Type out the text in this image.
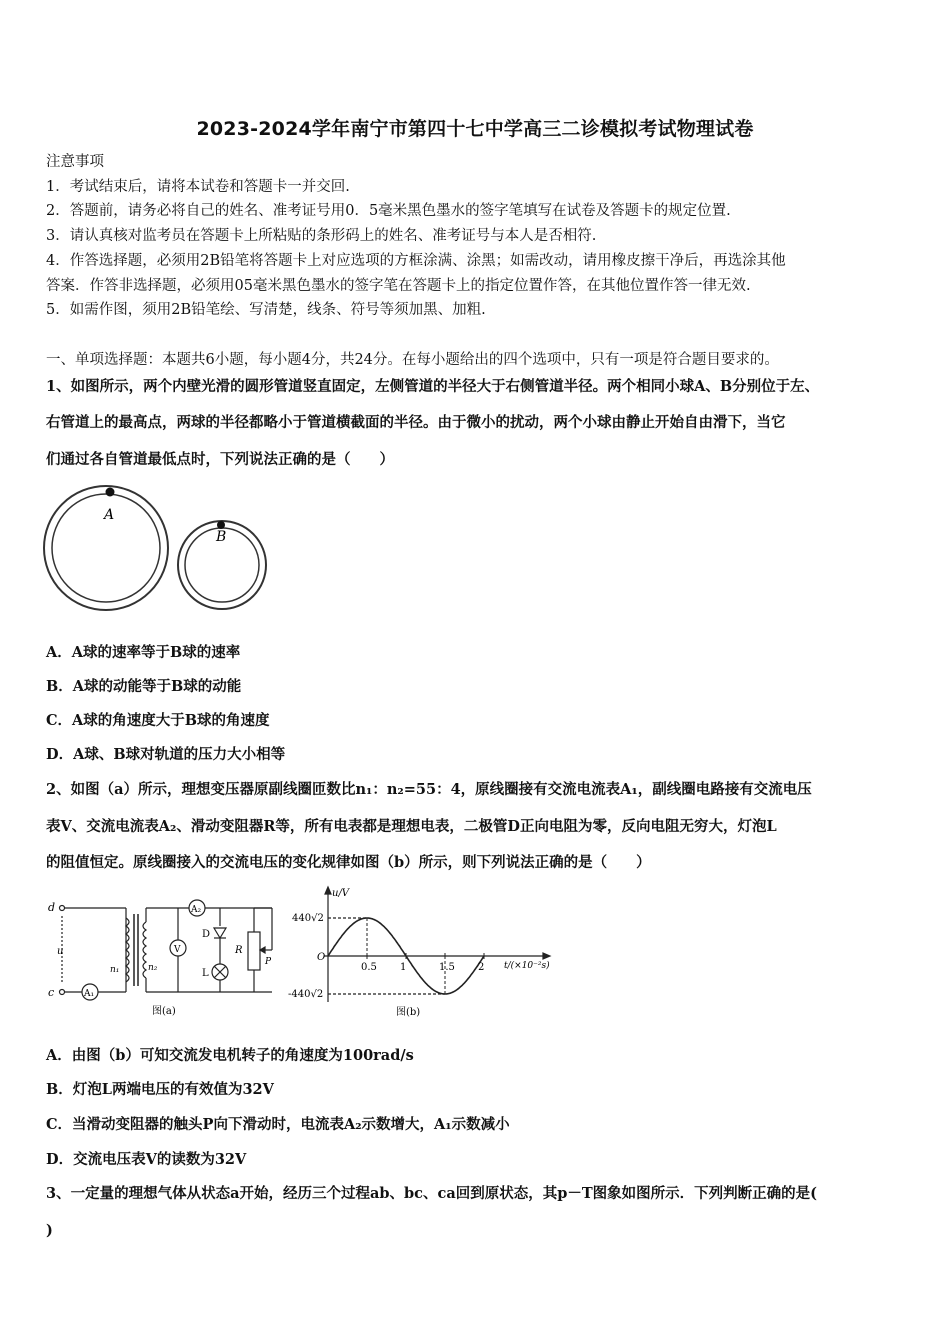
2023-2024学年南宁市第四十七中学高三二诊模拟考试物理试卷
注意事项
1．考试结束后，请将本试卷和答题卡一并交回.
2．答题前，请务必将自己的姓名、准考证号用0．5毫米黑色墨水的签字笔填写在试卷及答题卡的规定位置.
3．请认真核对监考员在答题卡上所粘贴的条形码上的姓名、准考证号与本人是否相符.
4．作答选择题，必须用2B铅笔将答题卡上对应选项的方框涂满、涂黑；如需改动，请用橡皮擦干净后，再选涂其他
答案．作答非选择题，必须用05毫米黑色墨水的签字笔在答题卡上的指定位置作答，在其他位置作答一律无效.
5．如需作图，须用2B铅笔绘、写清楚，线条、符号等须加黑、加粗.
一、单项选择题：本题共6小题，每小题4分，共24分。在每小题给出的四个选项中，只有一项是符合题目要求的。
1、如图所示，两个内壁光滑的圆形管道竖直固定，左侧管道的半径大于右侧管道半径。两个相同小球A、B分别位于左、
右管道上的最高点，两球的半径都略小于管道横截面的半径。由于微小的扰动，两个小球由静止开始自由滑下，当它
们通过各自管道最低点时，下列说法正确的是（　　）
A
B
A．A球的速率等于B球的速率
B．A球的动能等于B球的动能
C．A球的角速度大于B球的角速度
D．A球、B球对轨道的压力大小相等
2、如图（a）所示，理想变压器原副线圈匝数比n₁：n₂=55：4，原线圈接有交流电流表A₁，副线圈电路接有交流电压
表V、交流电流表A₂、滑动变阻器R等，所有电表都是理想电表，二极管D正向电阻为零，反向电阻无穷大，灯泡L
的阻值恒定。原线圈接入的交流电压的变化规律如图（b）所示，则下列说法正确的是（　　）
d
c
u
n₁	n₂
A₁
A₂
V
D
L
R
P
图(a)
u/V
440√2
-440√2
O
0.5 1	1.5 2 t/(×10⁻²s)
图(b)
A．由图（b）可知交流发电机转子的角速度为100rad/s
B．灯泡L两端电压的有效值为32V
C．当滑动变阻器的触头P向下滑动时，电流表A₂示数增大，A₁示数减小
D．交流电压表V的读数为32V
3、一定量的理想气体从状态a开始，经历三个过程ab、bc、ca回到原状态，其p－T图象如图所示．下列判断正确的是(
)
